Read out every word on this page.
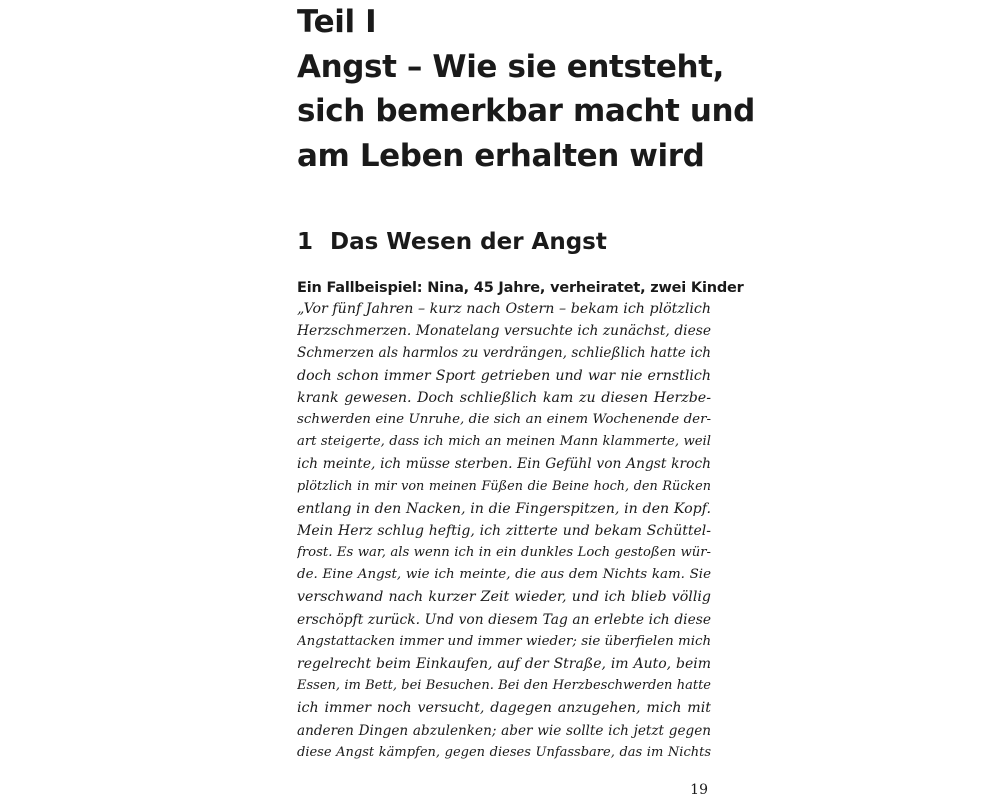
Teil I
Angst – Wie sie entsteht,
sich bemerkbar macht und
am Leben erhalten wird
1 Das Wesen der Angst
Ein Fallbeispiel: Nina, 45 Jahre, verheiratet, zwei Kinder

„Vor fünf Jahren – kurz nach Ostern – bekam ich plötzlich
Herzschmerzen. Monatelang versuchte ich zunächst, diese
Schmerzen als harmlos zu verdrängen, schließlich hatte ich
doch schon immer Sport getrieben und war nie ernstlich
krank gewesen. Doch schließlich kam zu diesen Herzbe-
schwerden eine Unruhe, die sich an einem Wochenende der-
art steigerte, dass ich mich an meinen Mann klammerte, weil
ich meinte, ich müsse sterben. Ein Gefühl von Angst kroch
plötzlich in mir von meinen Füßen die Beine hoch, den Rücken
entlang in den Nacken, in die Fingerspitzen, in den Kopf.
Mein Herz schlug heftig, ich zitterte und bekam Schüttel-
frost. Es war, als wenn ich in ein dunkles Loch gestoßen wür-
de. Eine Angst, wie ich meinte, die aus dem Nichts kam. Sie
verschwand nach kurzer Zeit wieder, und ich blieb völlig
erschöpft zurück. Und von diesem Tag an erlebte ich diese
Angstattacken immer und immer wieder; sie überfielen mich
regelrecht beim Einkaufen, auf der Straße, im Auto, beim
Essen, im Bett, bei Besuchen. Bei den Herzbeschwerden hatte
ich immer noch versucht, dagegen anzugehen, mich mit
anderen Dingen abzulenken; aber wie sollte ich jetzt gegen
diese Angst kämpfen, gegen dieses Unfassbare, das im Nichts

19
